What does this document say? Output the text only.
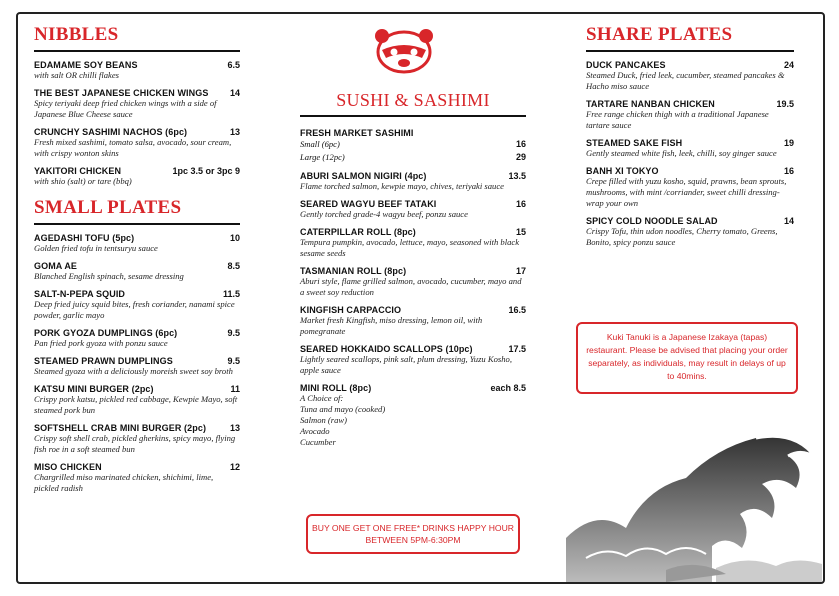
NIBBLES
EDAMAME SOY BEANS	6.5
with salt OR chilli flakes
THE BEST JAPANESE CHICKEN WINGS 14
Spicy teriyaki deep fried chicken wings with a side of Japanese Blue Cheese sauce
CRUNCHY SASHIMI NACHOS (6pc)	13
Fresh mixed sashimi, tomato salsa, avocado, sour cream, with crispy wonton skins
YAKITORI CHICKEN	1pc 3.5 or 3pc 9
with shio (salt) or tare (bbq)
SMALL PLATES
AGEDASHI TOFU (5pc)	10
Golden fried tofu in tentsuryu sauce
GOMA AE	8.5
Blanched English spinach, sesame dressing
SALT-N-PEPA SQUID	11.5
Deep fried juicy squid bites, fresh coriander, nanami spice powder, garlic mayo
PORK GYOZA DUMPLINGS (6pc)	9.5
Pan fried pork gyoza with ponzu sauce
STEAMED PRAWN DUMPLINGS	9.5
Steamed gyoza with a deliciously moreish sweet soy broth
KATSU MINI BURGER (2pc)	11
Crispy pork katsu, pickled red cabbage, Kewpie Mayo, soft steamed pork bun
SOFTSHELL CRAB MINI BURGER (2pc)	13
Crispy soft shell crab, pickled gherkins, spicy mayo, flying fish roe in a soft steamed bun
MISO CHICKEN	12
Chargrilled miso marinated chicken, shichimi, lime, pickled radish
SUSHI & SASHIMI
FRESH MARKET SASHIMI
Small (6pc)	16
Large (12pc)	29
ABURI SALMON NIGIRI (4pc)	13.5
Flame torched salmon, kewpie mayo, chives, teriyaki sauce
SEARED WAGYU BEEF TATAKI	16
Gently torched grade-4 wagyu beef, ponzu sauce
CATERPILLAR ROLL (8pc)	15
Tempura pumpkin, avocado, lettuce, mayo, seasoned with black sesame seeds
TASMANIAN ROLL (8pc)	17
Aburi style, flame grilled salmon, avocado, cucumber, mayo and a sweet soy reduction
KINGFISH CARPACCIO	16.5
Market fresh Kingfish, miso dressing, lemon oil, with pomegranate
SEARED HOKKAIDO SCALLOPS (10pc)	17.5
Lightly seared scallops, pink salt, plum dressing, Yuzu Kosho, apple sauce
MINI ROLL (8pc)	each 8.5
A Choice of:
Tuna and mayo (cooked)
Salmon (raw)
Avocado
Cucumber
BUY ONE GET ONE FREE* DRINKS HAPPY HOUR BETWEEN 5PM-6:30PM
SHARE PLATES
DUCK PANCAKES	24
Steamed Duck, fried leek, cucumber, steamed pancakes & Hacho miso sauce
TARTARE NANBAN CHICKEN	19.5
Free range chicken thigh with a traditional Japanese tartare sauce
STEAMED SAKE FISH	19
Gently steamed white fish, leek, chilli, soy ginger sauce
BANH XI TOKYO	16
Crepe filled with yuzu kosho, squid, prawns, bean sprouts, mushrooms, with mint /corriander, sweet chilli dressing- wrap your own
SPICY COLD NOODLE SALAD	14
Crispy Tofu, thin udon noodles, Cherry tomato, Greens, Bonito, spicy ponzu sauce
Kuki Tanuki is a Japanese Izakaya (tapas) restaurant. Please be advised that placing your order separately, as individuals, may result in delays of up to 40mins.
